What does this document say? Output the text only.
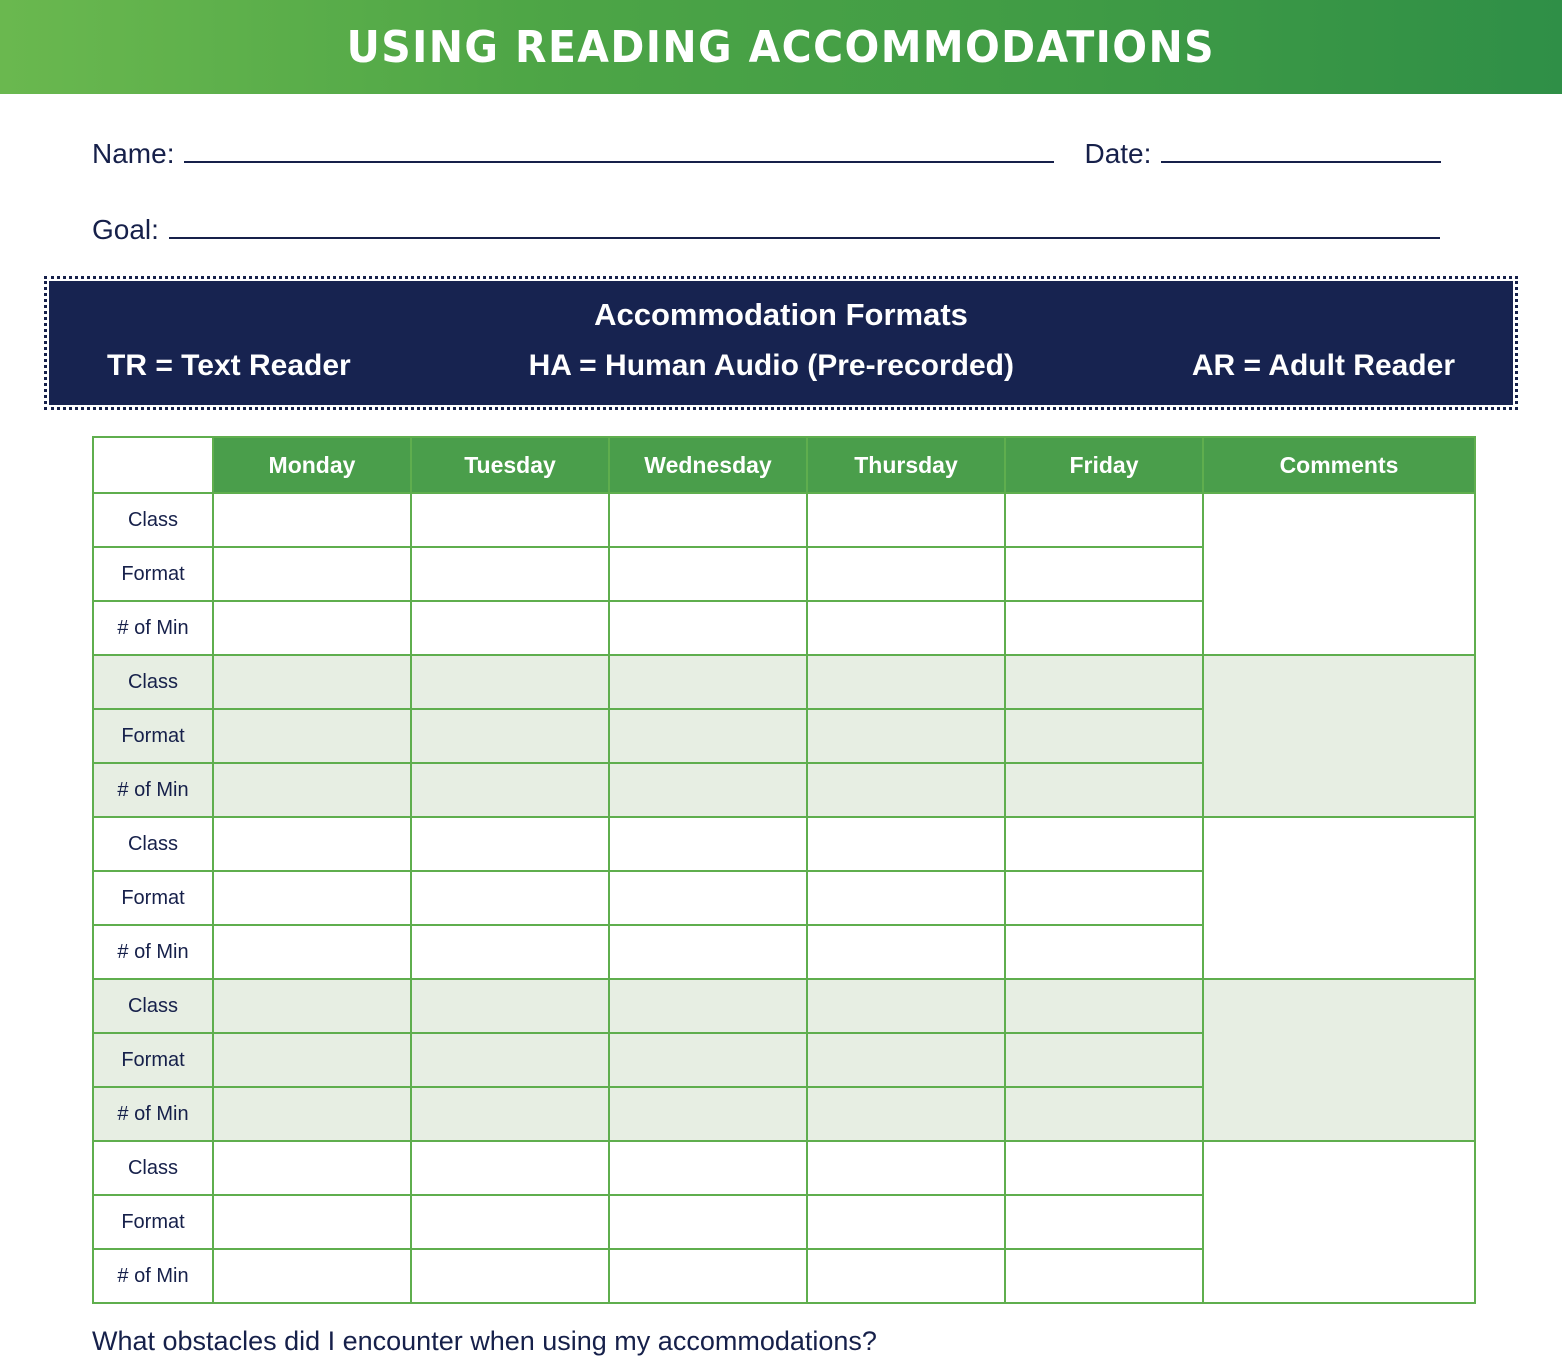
USING READING ACCOMMODATIONS
Name:	Date:
Goal:
Accommodation Formats
TR = Text Reader	HA = Human Audio (Pre-recorded)	AR = Adult Reader
	Monday	Tuesday	Wednesday	Thursday	Friday	Comments
Class						
Format						
# of Min						
Class						
Format						
# of Min						
Class						
Format						
# of Min						
Class						
Format						
# of Min						
Class						
Format						
# of Min						
What obstacles did I encounter when using my accommodations?
